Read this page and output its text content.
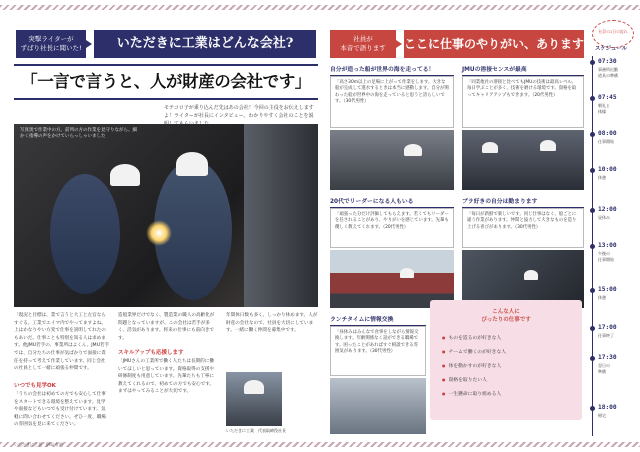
突撃ライターが
ずばり社長に聞いた!	いただきに工業はどんな会社?
「一言で言うと、人が財産の会社です」
モテコロ子が乗り込んだ先はあの会社！今回の主役をお伝えしますよ！ライターが社長にインタビュー。わかりやすく会社のことを説
写真奥で作業中の方。前列の方の作業を見守りながら、細かく指導の声をかけていらっしゃいました
「現況と目標は、業で言うと大工と左官ならすぐる。工業でエイマ内でやってますよね。上はかなりやい方変で仕事を説明してれたのもあいだ。仕事ことも特別を知る人は求めます。他JMU若手の、事業所はよくん。JMU若手では、自分たちの仕事が気ばかりで面接に責任を持って考えて作業しています。同じ会社の社員として一緒に頑張る仲間です。
いつでも見学OK
「うちの会社は初めての方でも安心して仕事をスタートできる環境を整えています。見学や面接などもいつでも受け付けています。気軽に問い合わせてください。ぜひ一度、職場の雰囲気を見に来てください。
造船業界だけでなく、製造業の職人の高齢化が問題となっていますが、この会社は若手が多く、活気があります。将来の仕事にも前向きです。
スキルアップも応援します
「JMUさんの工業所で働く人たちは長期的に働いてほしいと思っています。資格取得の支援や研修制度も用意しています。先輩たちも丁寧に教えてくれるので、初めての方でも安心です。まずはやってみることが大切です。
年間休日数も多く、しっかり休めます。人が財産の会社なので、社員を大切にしています。一緒に働く仲間を募集中です。
いただきに工業　代表取締役社長
いただきに工業　JMU 有明
社員が
本音で語ります	ここに仕事のやりがい、あります
自分が造った船が世界の海を走ってる！
「高さ30m以上の足場に上がって作業をします。大きな船が完成して進水するときは本当に感動します。自分が関わった船が世界中の海を走っていると思うと誇らしいです。（30代男性）
JMUの溶接センスが最高
「同業他社の溶接と比べてもJMUの技術は最高レベル。毎日学ぶことが多く、技術を磨ける環境です。資格を取ってキャリアアップもできます。（20代男性）
20代でリーダーになる人もいる
「頑張った分だけ評価してもらえます。若くてもリーダーを任されることがあり、やりがいを感じています。先輩も優しく教えてくれます。（20代男性）
ブラ好きの自分は勤まります
「毎日が新鮮で楽しいです。同じ仕事はなく、船ごとに違う作業があります。仲間と協力して大きなものを造り上げる喜びがあります。（30代男性）
ランチタイムに情報交換
「昼休みはみんなで食事をしながら情報交換します。年齢関係なく話ができる職場です。困ったことがあればすぐ相談できる雰囲気があります。（30代男性）
こんな人に
ぴったりの仕事です
● ものを造るのが好きな人
● チームで働くのが好きな人
● 体を動かすのが好きな人
● 資格を取りたい人
● 一生懸命に取り組める人
社員の1日の流れ
スケジュール
07:30
事務所出勤
道具の準備
07:45
朝礼と
体操
08:00
仕事開始
10:00
休憩
12:00
昼休み
13:00
午後の
仕事開始
15:00
休憩
17:00
仕事終了
17:30
翌日の
準備
18:00
帰宅
